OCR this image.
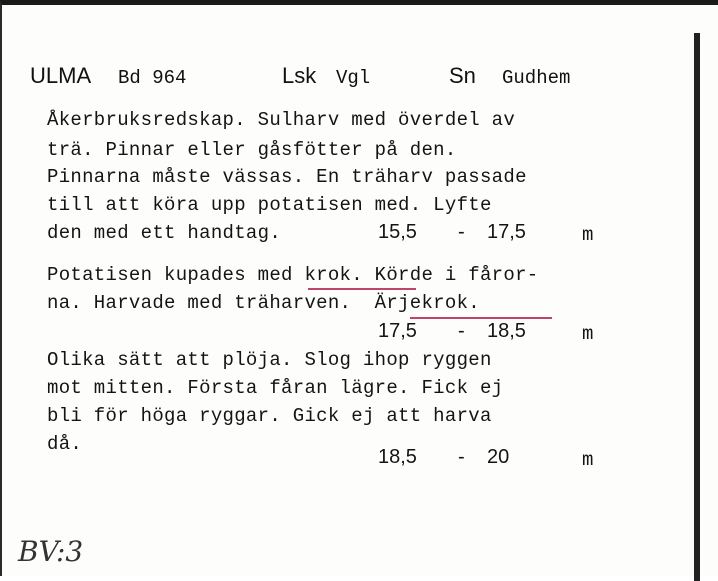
ULMA Bd 964	Lsk Vgl	Sn Gudhem
Åkerbruksredskap. Sulharv med överdel av
trä. Pinnar eller gåsfötter på den.
Pinnarna måste vässas. En träharv passade
till att köra upp potatisen med. Lyfte
den med ett handtag.	15,5 - 17,5	m
Potatisen kupades med krok. Körde i fåror-
na. Harvade med träharven.  Ärjekrok.
17,5 - 18,5	m
Olika sätt att plöja. Slog ihop ryggen
mot mitten. Första fåran lägre. Fick ej
bli för höga ryggar. Gick ej att harva
då.
18,5 - 20	m
BV:3
